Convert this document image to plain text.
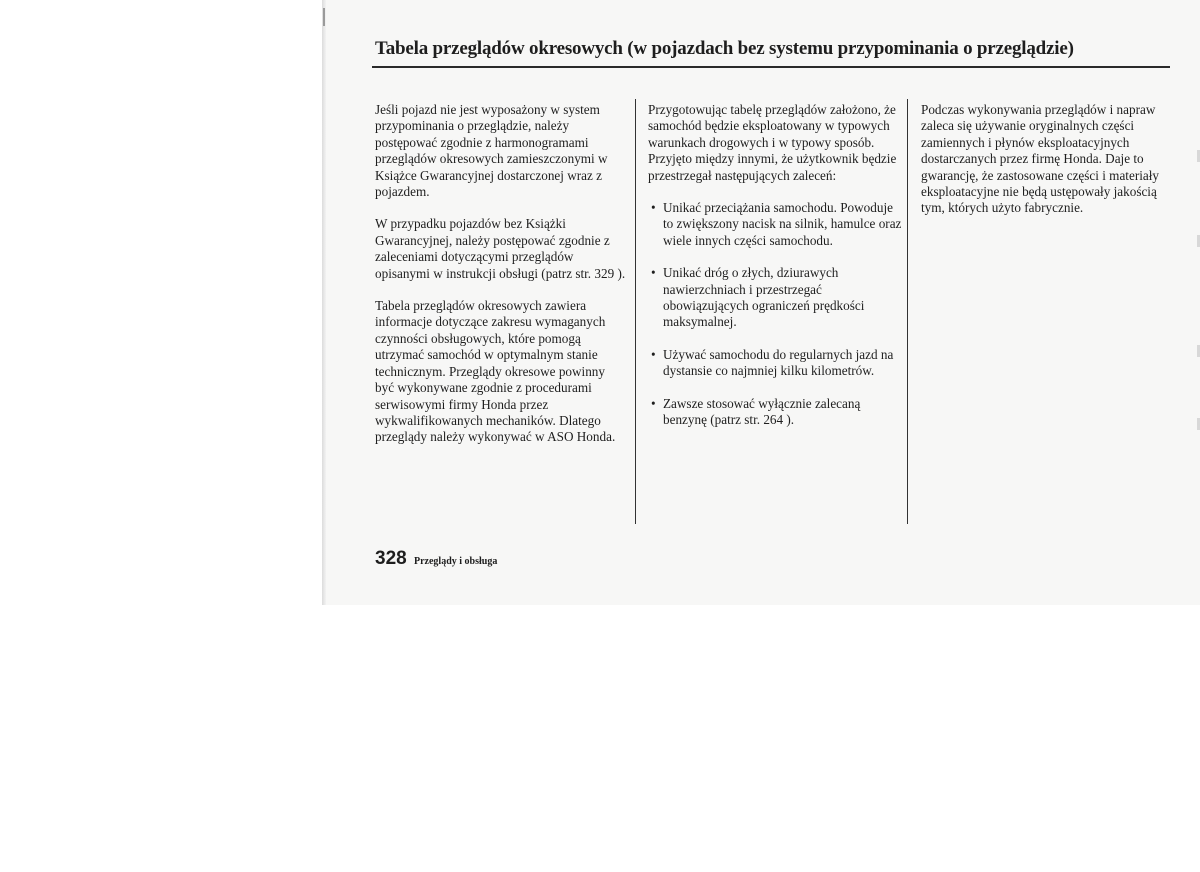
Tabela przeglądów okresowych (w pojazdach bez systemu przypominania o przeglądzie)

Jeśli pojazd nie jest wyposażony w system przypominania o przeglądzie, należy postępować zgodnie z harmonogramami przeglądów okresowych zamieszczonymi w Książce Gwarancyjnej dostarczonej wraz z pojazdem.

W przypadku pojazdów bez Książki Gwarancyjnej, należy postępować zgodnie z zaleceniami dotyczącymi przeglądów opisanymi w instrukcji obsługi (patrz str. 329 ).

Tabela przeglądów okresowych zawiera informacje dotyczące zakresu wymaganych czynności obsługowych, które pomogą utrzymać samochód w optymalnym stanie technicznym. Przeglądy okresowe powinny być wykonywane zgodnie z procedurami serwisowymi firmy Honda przez wykwalifikowanych mechaników. Dlatego przeglądy należy wykonywać w ASO Honda.

Przygotowując tabelę przeglądów założono, że samochód będzie eksploatowany w typowych warunkach drogowych i w typowy sposób. Przyjęto między innymi, że użytkownik będzie przestrzegał następujących zaleceń:

• Unikać przeciążania samochodu. Powoduje to zwiększony nacisk na silnik, hamulce oraz wiele innych części samochodu.
• Unikać dróg o złych, dziurawych nawierzchniach i przestrzegać obowiązujących ograniczeń prędkości maksymalnej.
• Używać samochodu do regularnych jazd na dystansie co najmniej kilku kilometrów.
• Zawsze stosować wyłącznie zalecaną benzynę (patrz str. 264 ).

Podczas wykonywania przeglądów i napraw zaleca się używanie oryginalnych części zamiennych i płynów eksploatacyjnych dostarczanych przez firmę Honda. Daje to gwarancję, że zastosowane części i materiały eksploatacyjne nie będą ustępowały jakością tym, których użyto fabrycznie.

328 Przeglądy i obsługa
